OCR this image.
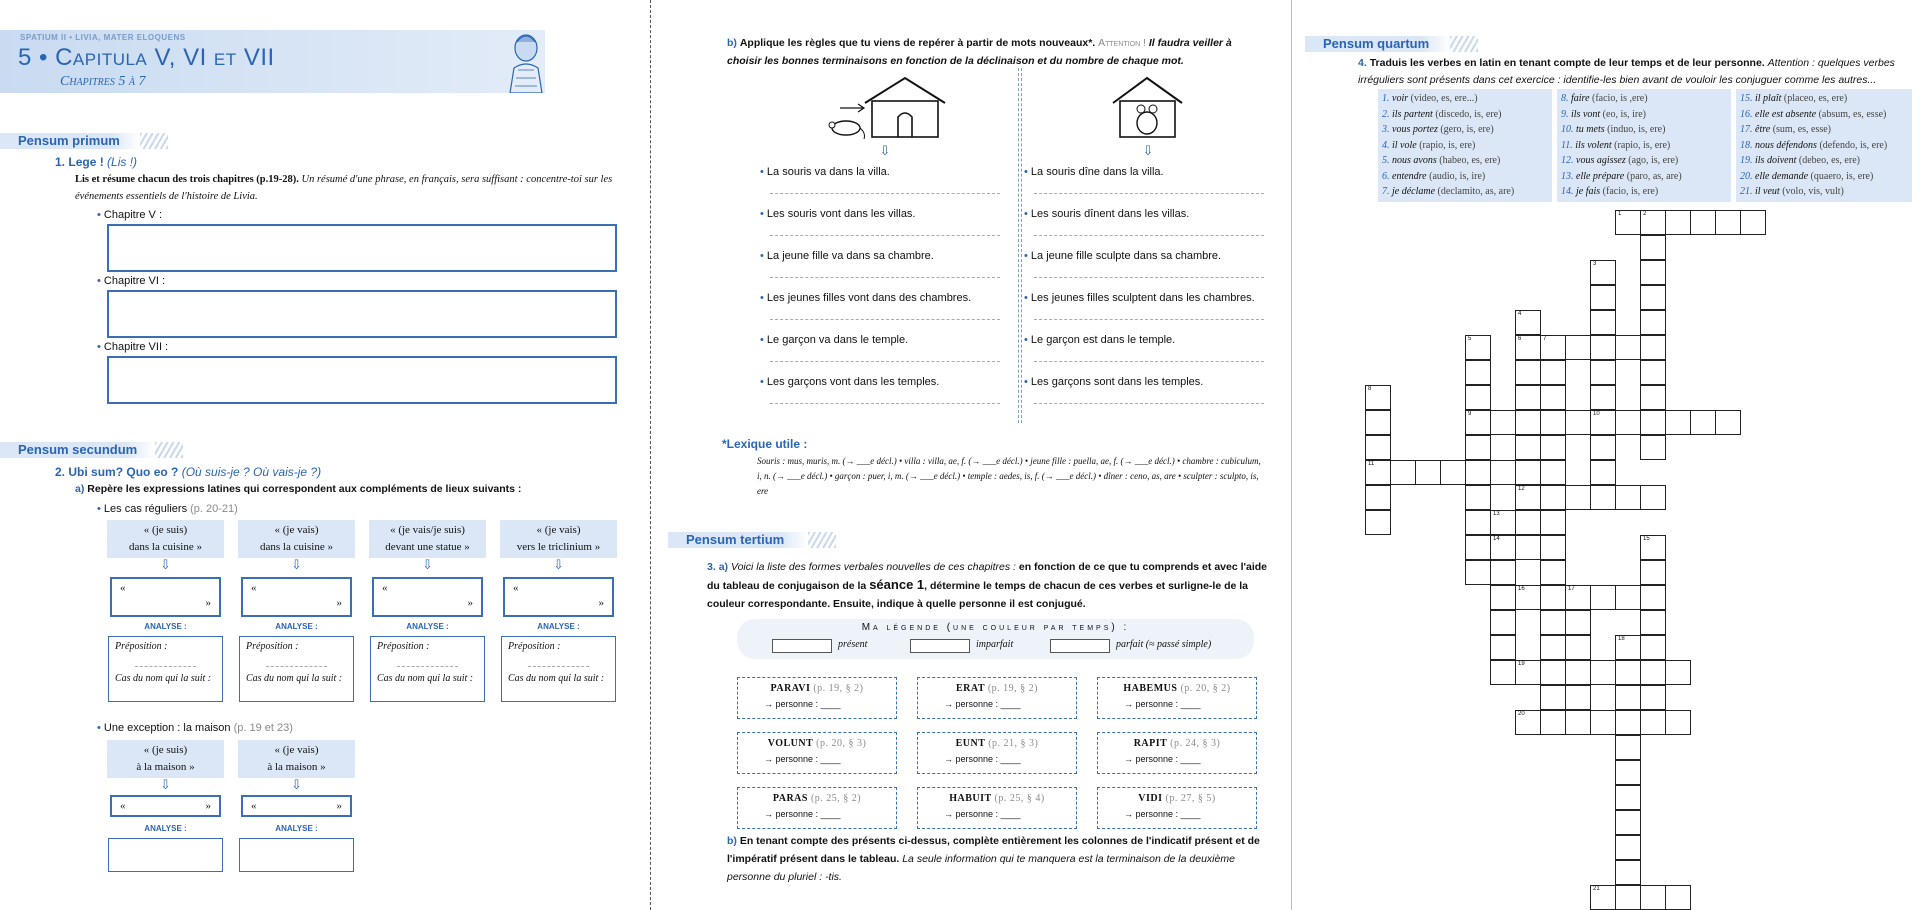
SPATIUM II • LIVIA, MATER ELOQUENS
5 • Capitula V, VI et VII
Chapitres 5 à 7
Pensum primum
1. Lege ! (Lis !)
Lis et résume chacun des trois chapitres (p.19-28). Un résumé d'une phrase, en français, sera suffisant : concentre-toi sur les événements essentiels de l'histoire de Livia.
• Chapitre V :
• Chapitre VI :
• Chapitre VII :
Pensum secundum
2. Ubi sum? Quo eo ? (Où suis-je ? Où vais-je ?)
a) Repère les expressions latines qui correspondent aux compléments de lieux suivants :
• Les cas réguliers (p. 20-21)
« (je suis)
dans la cuisine »
⇩
«
»
ANALYSE :
Préposition :
Cas du nom qui la suit :
« (je vais)
dans la cuisine »
⇩
«
»
ANALYSE :
Préposition :
Cas du nom qui la suit :
« (je vais/je suis)
devant une statue »
⇩
«
»
ANALYSE :
Préposition :
Cas du nom qui la suit :
« (je vais)
vers le triclinium »
⇩
«
»
ANALYSE :
Préposition :
Cas du nom qui la suit :
• Une exception : la maison (p. 19 et 23)
« (je suis)
à la maison »
⇩
«	»
ANALYSE :
« (je vais)
à la maison »
⇩
«	»
ANALYSE :
b) Applique les règles que tu viens de repérer à partir de mots nouveaux*. Attention ! Il faudra veiller à choisir les bonnes terminaisons en fonction de la déclinaison et du nombre de chaque mot.
⇩	⇩
• La souris va dans la villa.
• Les souris vont dans les villas.
• La jeune fille va dans sa chambre.
• Les jeunes filles vont dans des chambres.
• Le garçon va dans le temple.
• Les garçons vont dans les temples.
• La souris dîne dans la villa.
• Les souris dînent dans les villas.
• La jeune fille sculpte dans sa chambre.
• Les jeunes filles sculptent dans les chambres.
• Le garçon est dans le temple.
• Les garçons sont dans les temples.
*Lexique utile :
Souris : mus, muris, m. (→ ___e décl.) • villa : villa, ae, f. (→ ___e décl.) • jeune fille : puella, ae, f. (→ ___e décl.) • chambre : cubiculum, i, n. (→ ___e décl.) • garçon : puer, i, m. (→ ___e décl.) • temple : aedes, is, f. (→ ___e décl.) • dîner : ceno, as, are • sculpter : sculpto, is, ere
Pensum tertium
3. a) Voici la liste des formes verbales nouvelles de ces chapitres : en fonction de ce que tu comprends et avec l'aide du tableau de conjugaison de la séance 1, détermine le temps de chacun de ces verbes et surligne-le de la couleur correspondante. Ensuite, indique à quelle personne il est conjugué.
Ma légende (une couleur par temps) :
présent	imparfait	parfait (≈ passé simple)
PARAVI (p. 19, § 2)
→ personne : ____
ERAT (p. 19, § 2)
→ personne : ____
HABEMUS (p. 20, § 2)
→ personne : ____
VOLUNT (p. 20, § 3)
→ personne : ____
EUNT (p. 21, § 3)
→ personne : ____
RAPIT (p. 24, § 3)
→ personne : ____
PARAS (p. 25, § 2)
→ personne : ____
HABUIT (p. 25, § 4)
→ personne : ____
VIDI (p. 27, § 5)
→ personne : ____
b) En tenant compte des présents ci-dessus, complète entièrement les colonnes de l'indicatif présent et de l'impératif présent dans le tableau. La seule information qui te manquera est la terminaison de la deuxième personne du pluriel : -tis.
Pensum quartum
4. Traduis les verbes en latin en tenant compte de leur temps et de leur personne. Attention : quelques verbes irréguliers sont présents dans cet exercice : identifie-les bien avant de vouloir les conjuguer comme les autres...
1. voir (video, es, ere...)
2. ils partent (discedo, is, ere)
3. vous portez (gero, is, ere)
4. il vole (rapio, is, ere)
5. nous avons (habeo, es, ere)
6. entendre (audio, is, ire)
7. je déclame (declamito, as, are)
8. faire (facio, is ,ere)
9. ils vont (eo, is, ire)
10. tu mets (induo, is, ere)
11. ils volent (rapio, is, ere)
12. vous agissez (ago, is, ere)
13. elle prépare (paro, as, are)
14. je fais (facio, is, ere)
15. il plaît (placeo, es, ere)
16. elle est absente (absum, es, esse)
17. être (sum, es, esse)
18. nous défendons (defendo, is, ere)
19. ils doivent (debeo, es, ere)
20. elle demande (quaero, is, ere)
21. il veut (volo, vis, vult)
1	2
3
10
4
6
12
5
9
7
8
11
13
14	15
16	17
18
19
20
21
